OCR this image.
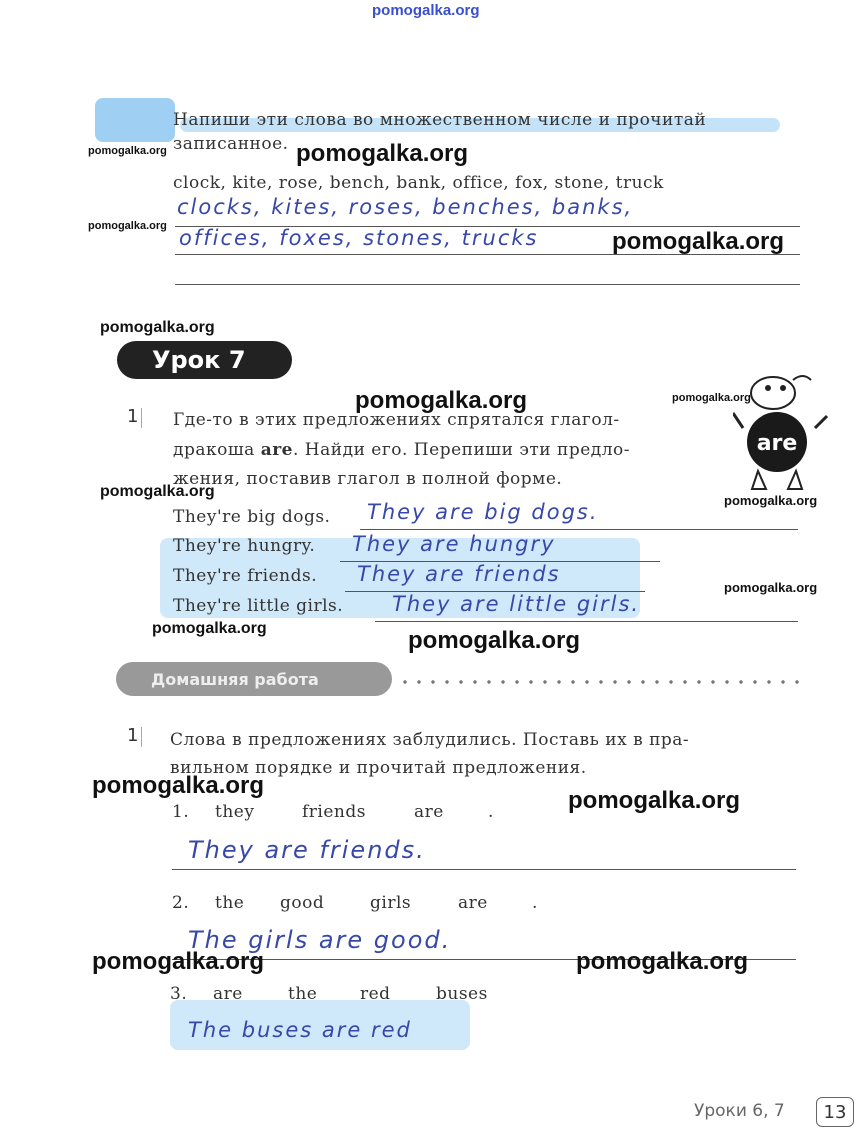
pomogalka.org
Напиши эти слова во множественном числе и прочитай
записанное.
clock, kite, rose, bench, bank, office, fox, stone, truck
clocks, kites, roses, benches, banks,
offices, foxes, stones, trucks
Урок 7
are
1 Где-то в этих предложениях спрятался глагол-
дракоша are. Найди его. Перепиши эти предло-
жения, поставив глагол в полной форме.
They're big dogs. They are big dogs.
They're hungry. They are hungry
They're friends. They are friends
They're little girls. They are little girls.
Домашняя работа
1 Слова в предложениях заблудились. Поставь их в пра-
вильном порядке и прочитай предложения.
1. they	friends	are	.
They are friends.
2. the good	girls	are	.
The girls are good.
3. are	the	red	buses
The buses are red
Уроки 6, 7	13
pomogalka.org	pomogalka.org
pomogalka.org
pomogalka.org
pomogalka.org
pomogalka.org	pomogalka.org
pomogalka.org
pomogalka.org
pomogalka.org
pomogalka.org	pomogalka.org
pomogalka.org
pomogalka.org
pomogalka.org	pomogalka.org
